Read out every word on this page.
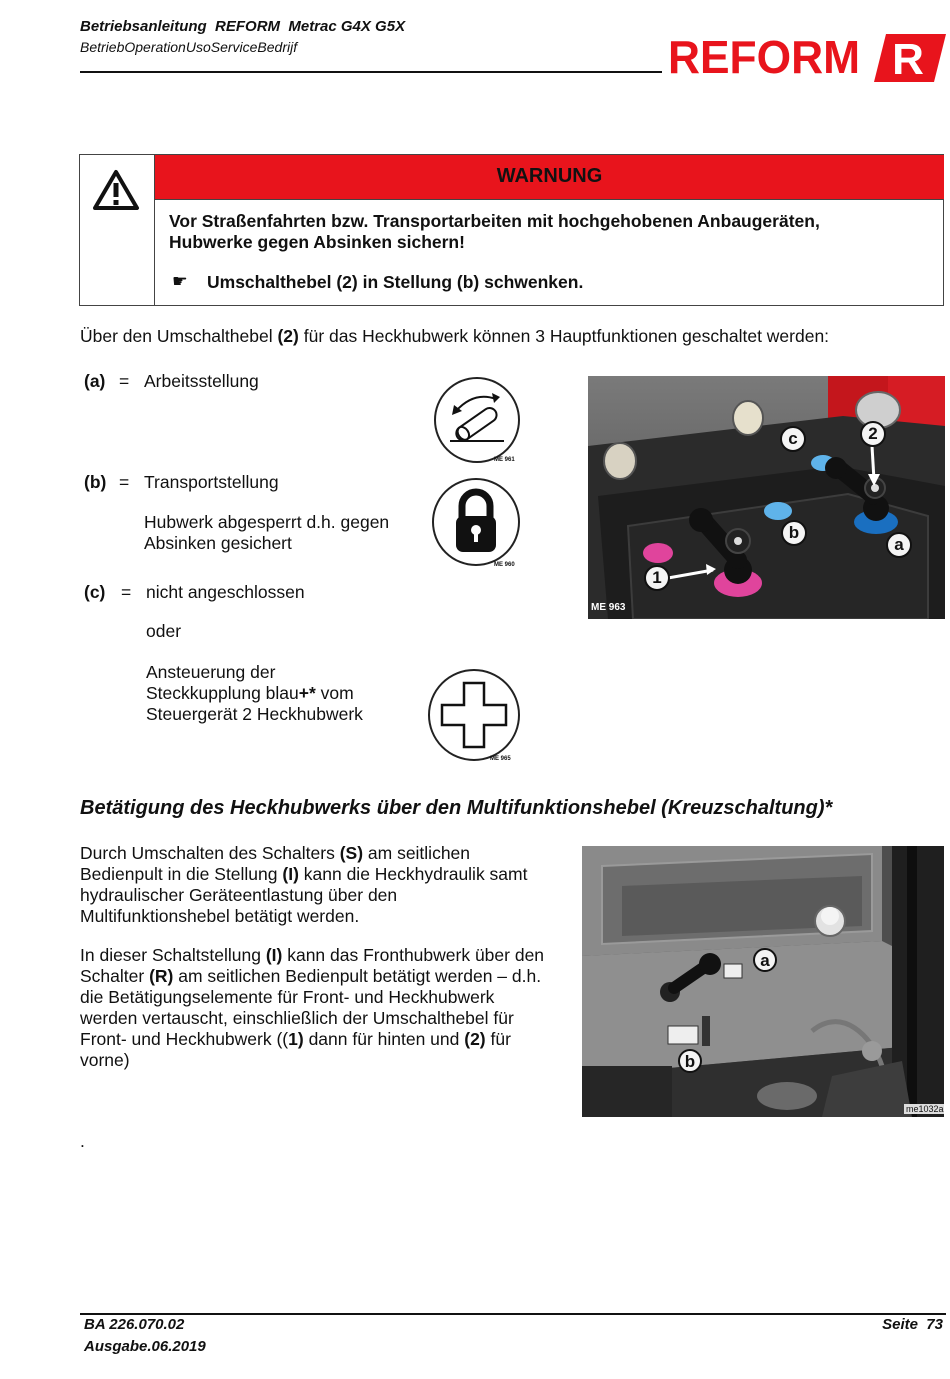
Betriebsanleitung  REFORM  Metrac G4X G5X
BetriebOperationUsoServiceBedrijf	REFORM R
WARNUNG
Vor Straßenfahrten bzw. Transportarbeiten mit hochgehobenen Anbaugeräten,
Hubwerke gegen Absinken sichern!
☛ Umschalthebel (2) in Stellung (b) schwenken.
Über den Umschalthebel (2) für das Heckhubwerk können 3 Hauptfunktionen geschaltet werden:
(a) = Arbeitsstellung
ME 961
(b) = Transportstellung
Hubwerk abgesperrt d.h. gegen
Absinken gesichert
ME 960
(c) = nicht angeschlossen
oder
Ansteuerung der
Steckkupplung blau+* vom
Steuergerät 2 Heckhubwerk
ME 965
c	2
b
a
1
ME 963
Betätigung des Heckhubwerks über den Multifunktionshebel (Kreuzschaltung)*
Durch Umschalten des Schalters (S) am seitlichen
Bedienpult in die Stellung (I) kann die Heckhydraulik samt
hydraulischer Geräteentlastung über den
Multifunktionshebel betätigt werden.
In dieser Schaltstellung (I) kann das Fronthubwerk über den
Schalter (R) am seitlichen Bedienpult betätigt werden – d.h.
die Betätigungselemente für Front- und Heckhubwerk
werden vertauscht, einschließlich der Umschalthebel für
Front- und Heckhubwerk ((1) dann für hinten und (2) für
vorne)
a
b
me1032a
.
BA 226.070.02
Ausgabe.06.2019
Seite  73
